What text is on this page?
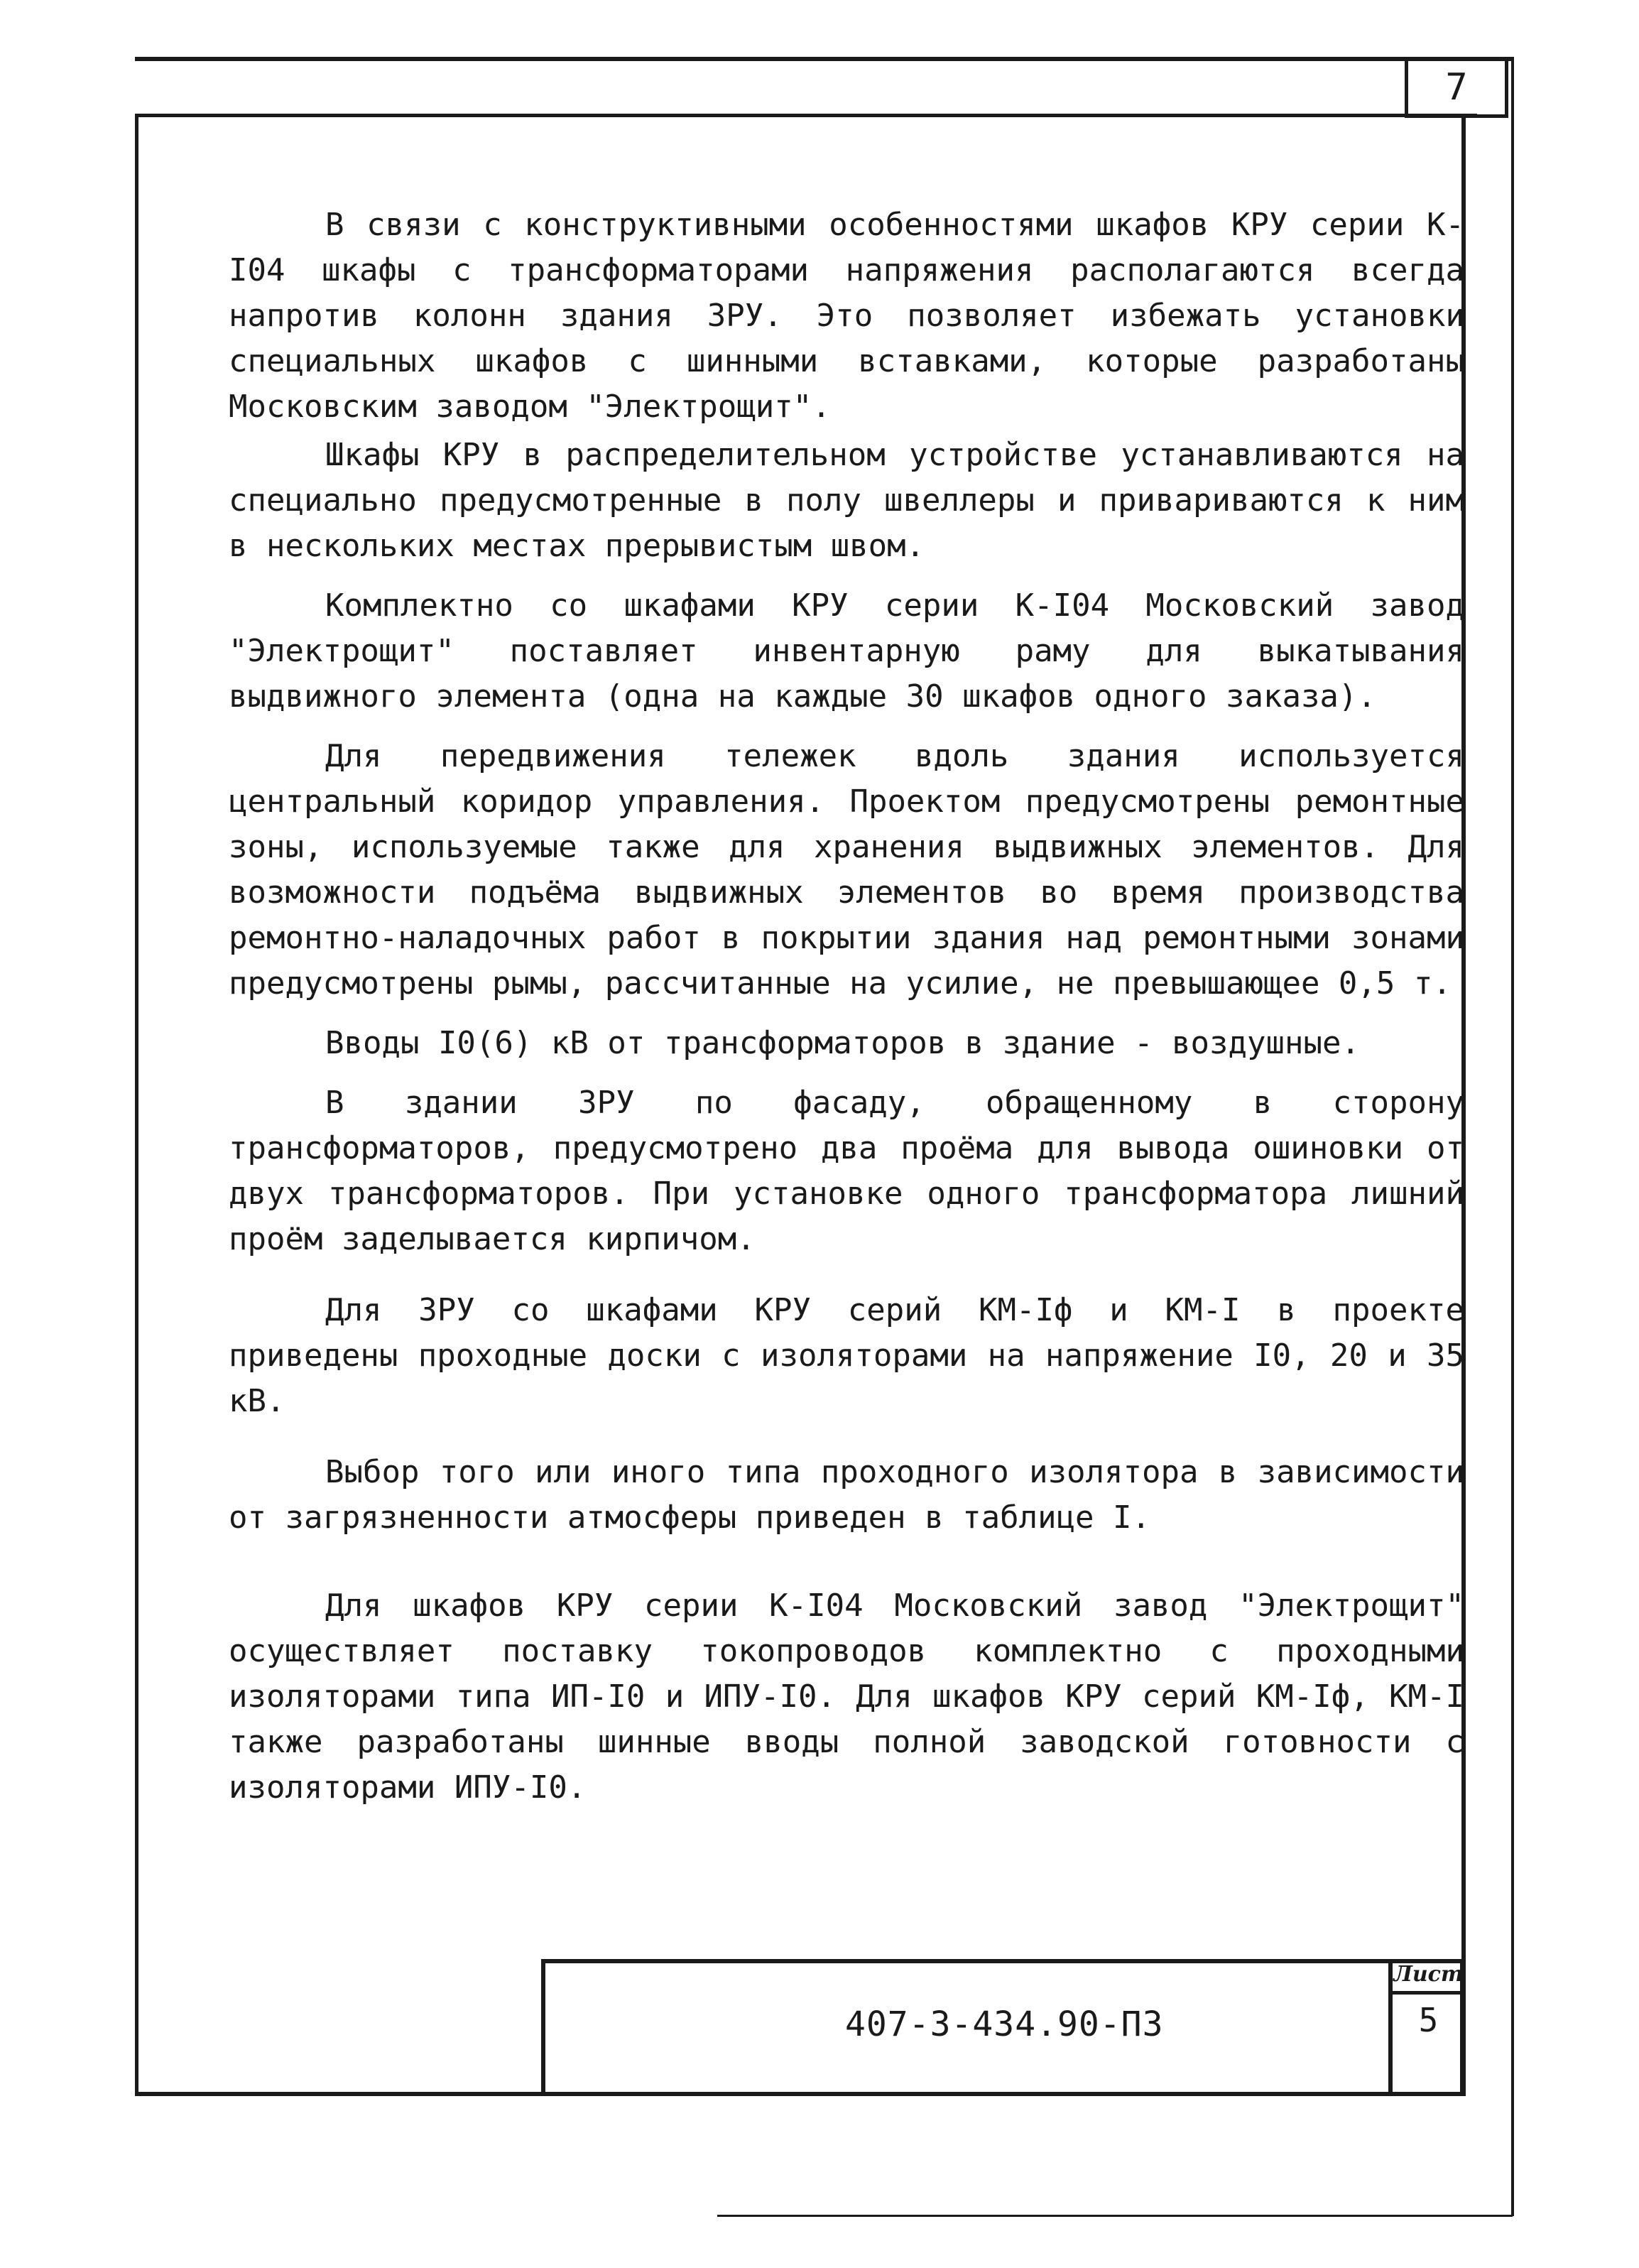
7

В связи с конструктивными особенностями шкафов КРУ серии К-I04 шкафы с трансформаторами напряжения располагаются всегда напротив колонн здания ЗРУ. Это позволяет избежать установки специальных шкафов с шинными вставками, которые разработаны Московским заводом "Электрощит".

Шкафы КРУ в распределительном устройстве устанавливаются на специально предусмотренные в полу швеллеры и привариваются к ним в нескольких местах прерывистым швом.

Комплектно со шкафами КРУ серии К-I04 Московский завод "Электрощит" поставляет инвентарную раму для выкатывания выдвижного элемента (одна на каждые 30 шкафов одного заказа).

Для передвижения тележек вдоль здания используется центральный коридор управления. Проектом предусмотрены ремонтные зоны, используемые также для хранения выдвижных элементов. Для возможности подъёма выдвижных элементов во время производства ремонтно-наладочных работ в покрытии здания над ремонтными зонами предусмотрены рымы, рассчитанные на усилие, не превышающее 0,5 т.

Вводы I0(6) кВ от трансформаторов в здание - воздушные.

В здании ЗРУ по фасаду, обращенному в сторону трансформаторов, предусмотрено два проёма для вывода ошиновки от двух трансформаторов. При установке одного трансформатора лишний проём заделывается кирпичом.

Для ЗРУ со шкафами КРУ серий КМ-Iф и КМ-I в проекте приведены проходные доски с изоляторами на напряжение I0, 20 и 35 кВ.

Выбор того или иного типа проходного изолятора в зависимости от загрязненности атмосферы приведен в таблице I.

Для шкафов КРУ серии К-I04 Московский завод "Электрощит" осуществляет поставку токопроводов комплектно с проходными изоляторами типа ИП-I0 и ИПУ-I0. Для шкафов КРУ серий КМ-Iф, КМ-I также разработаны шинные вводы полной заводской готовности с изоляторами ИПУ-I0.

407-3-434.90-ПЗ
Лист
5
